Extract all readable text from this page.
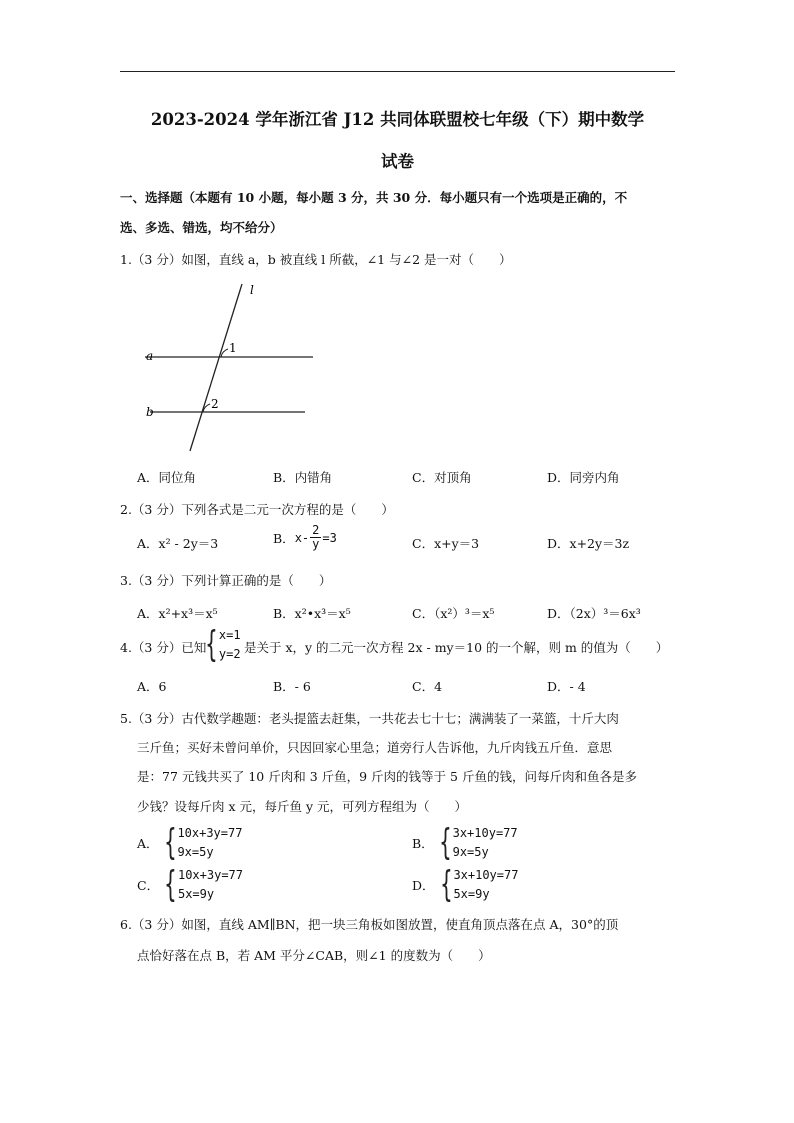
2023-2024 学年浙江省 J12 共同体联盟校七年级（下）期中数学
试卷
一、选择题（本题有 10 小题，每小题 3 分，共 30 分．每小题只有一个选项是正确的，不
选、多选、错选，均不给分）
1.（3 分）如图，直线 a，b 被直线 l 所截，∠1 与∠2 是一对（　　）
l
a
b
1
2
A．同位角	B．内错角	C．对顶角	D．同旁内角
2.（3 分）下列各式是二元一次方程的是（　　）
A．x² - 2y＝3	B． $x- \frac{2}{y} =3$	C．x+y＝3	D．x+2y＝3z
3.（3 分）下列计算正确的是（　　）
A．x²+x³＝x⁵	B．x²•x³＝x⁵	C．（x²）³＝x⁵	D．（2x）³＝6x³
4.（3 分）已知
{ x=1
y=2 是关于 x，y 的二元一次方程 2x - my＝10 的一个解，则 m 的值为（　　）
A．6	B．- 6	C．4	D．- 4
5.（3 分）古代数学趣题：老头提篮去赶集，一共花去七十七；满满装了一菜篮，十斤大肉
三斤鱼；买好未曾问单价，只因回家心里急；道旁行人告诉他，九斤肉钱五斤鱼．意思
是：77 元钱共买了 10 斤肉和 3 斤鱼，9 斤肉的钱等于 5 斤鱼的钱，问每斤肉和鱼各是多
少钱？设每斤肉 x 元，每斤鱼 y 元，可列方程组为（　　）
A． { 10x+3y=77
9x=5y
B． { 3x+10y=77
9x=5y
C． { 10x+3y=77
5x=9y
D． { 3x+10y=77
5x=9y
6.（3 分）如图，直线 AM∥BN，把一块三角板如图放置，使直角顶点落在点 A，30°的顶
点恰好落在点 B，若 AM 平分∠CAB，则∠1 的度数为（　　）
